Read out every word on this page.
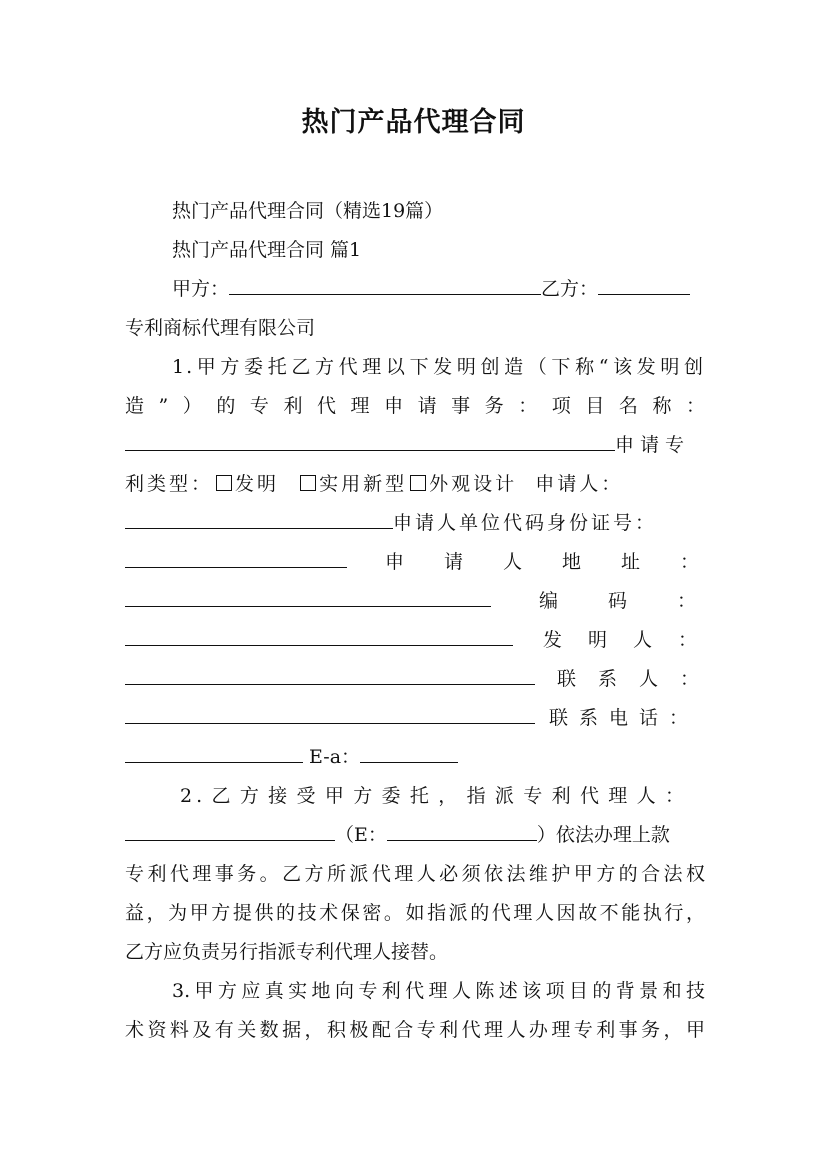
热门产品代理合同
热门产品代理合同（精选19篇）
热门产品代理合同 篇1
甲方：	乙方：
专利商标代理有限公司
1.甲方委托乙方代理以下发明创造（下称“该发明创
造”）的专利代理申请事务：项目名称：
申请专
利类型： 发明 实用新型 外观设计 申请人：
申请人单位代码身份证号：
申请人地址：
编码：
发明人：
联系人：
联系电话：
E-a：
2.乙方接受甲方委托，指派专利代理人：
（E：	）依法办理上款
专利代理事务。乙方所派代理人必须依法维护甲方的合法权
益，为甲方提供的技术保密。如指派的代理人因故不能执行，
乙方应负责另行指派专利代理人接替。
3.甲方应真实地向专利代理人陈述该项目的背景和技
术资料及有关数据，积极配合专利代理人办理专利事务，甲
